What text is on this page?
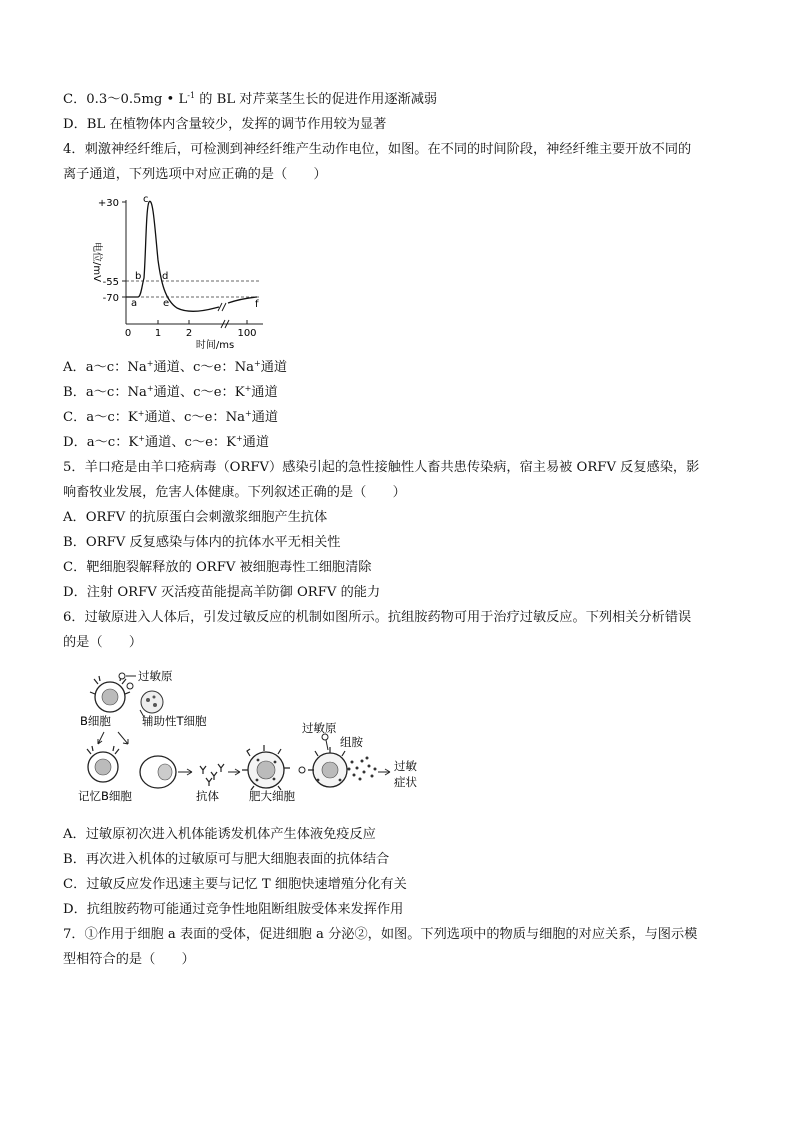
C．0.3～0.5mg • $L^{-1}$ 的 BL 对芹菜茎生长的促进作用逐渐减弱
D．BL 在植物体内含量较少，发挥的调节作用较为显著
4．刺激神经纤维后，可检测到神经纤维产生动作电位，如图。在不同的时间阶段，神经纤维主要开放不同的
离子通道，下列选项中对应正确的是（　　）
+30
-55
-70
电位/mV
a
b
c
d
e	f
0 1 2	100
时间/ms
A．a～c：Na+通道、c～e：Na+通道
B．a～c：Na+通道、c～e：K+通道
C．a～c：K+通道、c～e：Na+通道
D．a～c：K+通道、c～e：K+通道
5．羊口疮是由羊口疮病毒（ORFV）感染引起的急性接触性人畜共患传染病，宿主易被 ORFV 反复感染，影
响畜牧业发展，危害人体健康。下列叙述正确的是（　　）
A．ORFV 的抗原蛋白会刺激浆细胞产生抗体
B．ORFV 反复感染与体内的抗体水平无相关性
C．靶细胞裂解释放的 ORFV 被细胞毒性工细胞清除
D．注射 ORFV 灭活疫苗能提高羊防御 ORFV 的能力
6．过敏原进入人体后，引发过敏反应的机制如图所示。抗组胺药物可用于治疗过敏反应。下列相关分析错误
的是（　　）
过敏原
辅助性T细胞
B细胞
记忆B细胞	抗体	肥大细胞
过敏原
组胺
过敏
症状
A．过敏原初次进入机体能诱发机体产生体液免疫反应
B．再次进入机体的过敏原可与肥大细胞表面的抗体结合
C．过敏反应发作迅速主要与记忆 T 细胞快速增殖分化有关
D．抗组胺药物可能通过竞争性地阻断组胺受体来发挥作用
7．①作用于细胞 a 表面的受体，促进细胞 a 分泌②，如图。下列选项中的物质与细胞的对应关系，与图示模
型相符合的是（　　）
